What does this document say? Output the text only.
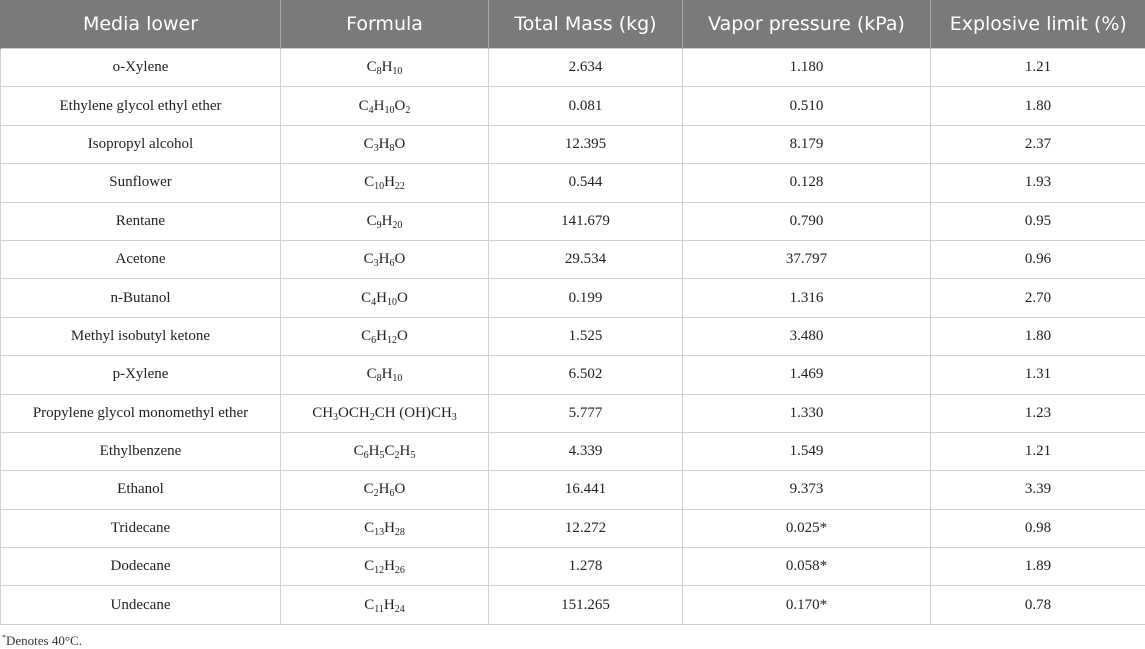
Media lower	Formula	Total Mass (kg)	Vapor pressure (kPa)	Explosive limit (%)
o-Xylene	$C_8H_{10}$	2.634	1.180	1.21
Ethylene glycol ethyl ether	$C_4H_{10}O_2$	0.081	0.510	1.80
Isopropyl alcohol	$C_3H_8O$	12.395	8.179	2.37
Sunflower	$C_{10}H_{22}$	0.544	0.128	1.93
Rentane	$C_9H_{20}$	141.679	0.790	0.95
Acetone	$C_3H_6O$	29.534	37.797	0.96
n-Butanol	$C_4H_{10}O$	0.199	1.316	2.70
Methyl isobutyl ketone	$C_6H_{12}O$	1.525	3.480	1.80
p-Xylene	$C_8H_{10}$	6.502	1.469	1.31
Propylene glycol monomethyl ether	$CH_3OCH_2CH$ $(OH)CH_3$	5.777	1.330	1.23
Ethylbenzene	$C_6H_5C_2H_5$	4.339	1.549	1.21
Ethanol	$C_2H_6O$	16.441	9.373	3.39
Tridecane	$C_{13}H_{28}$	12.272	0.025*	0.98
Dodecane	$C_{12}H_{26}$	1.278	0.058*	1.89
Undecane	$C_{11}H_{24}$	151.265	0.170*	0.78
*Denotes 40°C.
